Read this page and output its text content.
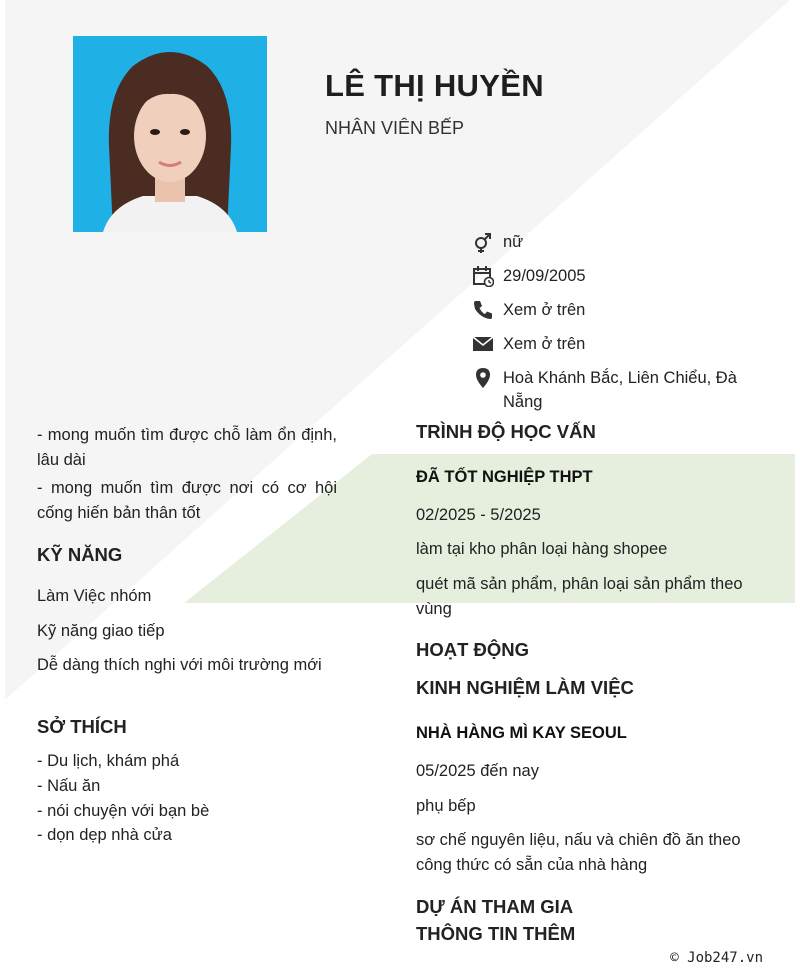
LÊ THỊ HUYỀN
NHÂN VIÊN BẾP
nữ
29/09/2005
Xem ở trên
Xem ở trên
Hoà Khánh Bắc, Liên Chiểu, Đà
Nẵng

- mong muốn tìm được chỗ làm ổn định, lâu dài

- mong muốn tìm được nơi có cơ hội cống hiến bản thân tốt

KỸ NĂNG
Làm Việc nhóm
Kỹ năng giao tiếp
Dễ dàng thích nghi với môi trường mới
SỞ THÍCH
- Du lịch, khám phá
- Nấu ăn
- nói chuyện với bạn bè
- dọn dẹp nhà cửa
TRÌNH ĐỘ HỌC VẤN
ĐÃ TỐT NGHIỆP THPT
02/2025 - 5/2025
làm tại kho phân loại hàng shopee
quét mã sản phẩm, phân loại sản phẩm theo vùng
HOẠT ĐỘNG
KINH NGHIỆM LÀM VIỆC
NHÀ HÀNG MÌ KAY SEOUL
05/2025 đến nay
phụ bếp
sơ chế nguyên liệu, nấu và chiên đồ ăn theo công thức có sẵn của nhà hàng
DỰ ÁN THAM GIA
THÔNG TIN THÊM
© Job247.vn
